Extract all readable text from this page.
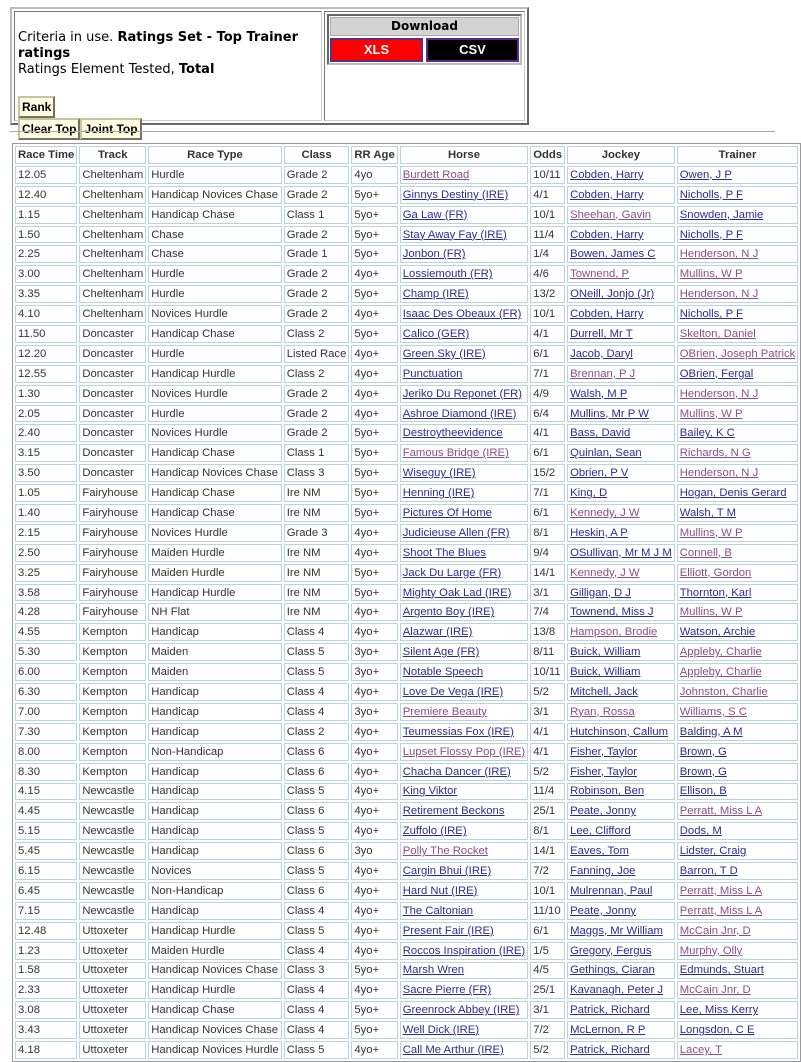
Criteria in use. Ratings Set - Top Trainer ratings
Ratings Element Tested, Total
Rank
Clear Top Joint Top
Download
XLS	CSV
Race Time	Track	Race Type	Class	RR Age	Horse	Odds	Jockey	Trainer
12.05	Cheltenham	Hurdle	Grade 2	4yo	Burdett Road	10/11	Cobden, Harry	Owen, J P
12.40	Cheltenham	Handicap Novices Chase	Grade 2	5yo+	Ginnys Destiny (IRE)	4/1	Cobden, Harry	Nicholls, P F
1.15	Cheltenham	Handicap Chase	Class 1	5yo+	Ga Law (FR)	10/1	Sheehan, Gavin	Snowden, Jamie
1.50	Cheltenham	Chase	Grade 2	5yo+	Stay Away Fay (IRE)	11/4	Cobden, Harry	Nicholls, P F
2.25	Cheltenham	Chase	Grade 1	5yo+	Jonbon (FR)	1/4	Bowen, James C	Henderson, N J
3.00	Cheltenham	Hurdle	Grade 2	4yo+	Lossiemouth (FR)	4/6	Townend, P	Mullins, W P
3.35	Cheltenham	Hurdle	Grade 2	5yo+	Champ (IRE)	13/2	ONeill, Jonjo (Jr)	Henderson, N J
4.10	Cheltenham	Novices Hurdle	Grade 2	4yo+	Isaac Des Obeaux (FR)	10/1	Cobden, Harry	Nicholls, P F
11.50	Doncaster	Handicap Chase	Class 2	5yo+	Calico (GER)	4/1	Durrell, Mr T	Skelton, Daniel
12.20	Doncaster	Hurdle	Listed Race	4yo+	Green Sky (IRE)	6/1	Jacob, Daryl	OBrien, Joseph Patrick
12.55	Doncaster	Handicap Hurdle	Class 2	4yo+	Punctuation	7/1	Brennan, P J	OBrien, Fergal
1.30	Doncaster	Novices Hurdle	Grade 2	4yo+	Jeriko Du Reponet (FR)	4/9	Walsh, M P	Henderson, N J
2.05	Doncaster	Hurdle	Grade 2	4yo+	Ashroe Diamond (IRE)	6/4	Mullins, Mr P W	Mullins, W P
2.40	Doncaster	Novices Hurdle	Grade 2	5yo+	Destroytheevidence	4/1	Bass, David	Bailey, K C
3.15	Doncaster	Handicap Chase	Class 1	5yo+	Famous Bridge (IRE)	6/1	Quinlan, Sean	Richards, N G
3.50	Doncaster	Handicap Novices Chase	Class 3	5yo+	Wiseguy (IRE)	15/2	Obrien, P V	Henderson, N J
1.05	Fairyhouse	Handicap Chase	Ire NM	5yo+	Henning (IRE)	7/1	King, D	Hogan, Denis Gerard
1.40	Fairyhouse	Handicap Chase	Ire NM	5yo+	Pictures Of Home	6/1	Kennedy, J W	Walsh, T M
2.15	Fairyhouse	Novices Hurdle	Grade 3	4yo+	Judicieuse Allen (FR)	8/1	Heskin, A P	Mullins, W P
2.50	Fairyhouse	Maiden Hurdle	Ire NM	4yo+	Shoot The Blues	9/4	OSullivan, Mr M J M	Connell, B
3.25	Fairyhouse	Maiden Hurdle	Ire NM	5yo+	Jack Du Large (FR)	14/1	Kennedy, J W	Elliott, Gordon
3.58	Fairyhouse	Handicap Hurdle	Ire NM	5yo+	Mighty Oak Lad (IRE)	3/1	Gilligan, D J	Thornton, Karl
4.28	Fairyhouse	NH Flat	Ire NM	4yo+	Argento Boy (IRE)	7/4	Townend, Miss J	Mullins, W P
4.55	Kempton	Handicap	Class 4	4yo+	Alazwar (IRE)	13/8	Hampson, Brodie	Watson, Archie
5.30	Kempton	Maiden	Class 5	3yo+	Silent Age (FR)	8/11	Buick, William	Appleby, Charlie
6.00	Kempton	Maiden	Class 5	3yo+	Notable Speech	10/11	Buick, William	Appleby, Charlie
6.30	Kempton	Handicap	Class 4	4yo+	Love De Vega (IRE)	5/2	Mitchell, Jack	Johnston, Charlie
7.00	Kempton	Handicap	Class 4	3yo+	Premiere Beauty	3/1	Ryan, Rossa	Williams, S C
7.30	Kempton	Handicap	Class 2	4yo+	Teumessias Fox (IRE)	4/1	Hutchinson, Callum	Balding, A M
8.00	Kempton	Non-Handicap	Class 6	4yo+	Lupset Flossy Pop (IRE)	4/1	Fisher, Taylor	Brown, G
8.30	Kempton	Handicap	Class 6	4yo+	Chacha Dancer (IRE)	5/2	Fisher, Taylor	Brown, G
4.15	Newcastle	Handicap	Class 5	4yo+	King Viktor	11/4	Robinson, Ben	Ellison, B
4.45	Newcastle	Handicap	Class 6	4yo+	Retirement Beckons	25/1	Peate, Jonny	Perratt, Miss L A
5.15	Newcastle	Handicap	Class 5	4yo+	Zuffolo (IRE)	8/1	Lee, Clifford	Dods, M
5.45	Newcastle	Handicap	Class 6	3yo	Polly The Rocket	14/1	Eaves, Tom	Lidster, Craig
6.15	Newcastle	Novices	Class 5	4yo+	Cargin Bhui (IRE)	7/2	Fanning, Joe	Barron, T D
6.45	Newcastle	Non-Handicap	Class 6	4yo+	Hard Nut (IRE)	10/1	Mulrennan, Paul	Perratt, Miss L A
7.15	Newcastle	Handicap	Class 4	4yo+	The Caltonian	11/10	Peate, Jonny	Perratt, Miss L A
12.48	Uttoxeter	Handicap Hurdle	Class 5	4yo+	Present Fair (IRE)	6/1	Maggs, Mr William	McCain Jnr, D
1.23	Uttoxeter	Maiden Hurdle	Class 4	4yo+	Roccos Inspiration (IRE)	1/5	Gregory, Fergus	Murphy, Olly
1.58	Uttoxeter	Handicap Novices Chase	Class 3	5yo+	Marsh Wren	4/5	Gethings, Ciaran	Edmunds, Stuart
2.33	Uttoxeter	Handicap Hurdle	Class 4	4yo+	Sacre Pierre (FR)	25/1	Kavanagh, Peter J	McCain Jnr, D
3.08	Uttoxeter	Handicap Chase	Class 4	5yo+	Greenrock Abbey (IRE)	3/1	Patrick, Richard	Lee, Miss Kerry
3.43	Uttoxeter	Handicap Novices Chase	Class 4	5yo+	Well Dick (IRE)	7/2	McLernon, R P	Longsdon, C E
4.18	Uttoxeter	Handicap Novices Hurdle	Class 5	4yo+	Call Me Arthur (IRE)	5/2	Patrick, Richard	Lacey, T
